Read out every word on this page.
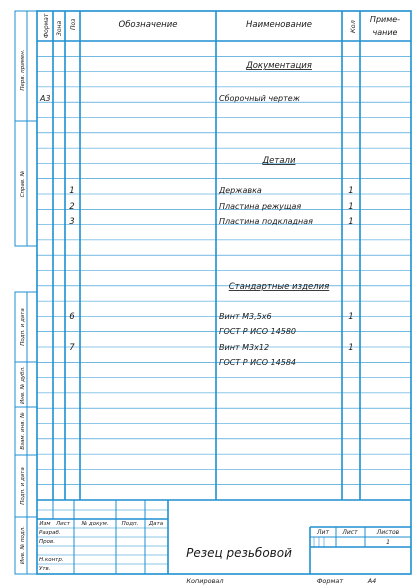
Формат Зона Поз	Обозначение	Наименование	Кол
Приме-
чание
Документация
Детали
Стандартные изделия
А3	Сборочный чертеж
1	Державка	1
2	Пластина режущая	1
3	Пластина подкладная	1
6	Винт М3,5х6	1
ГОСТ Р ИСО 14580
7	Винт М3х12	1
ГОСТ Р ИСО 14584
Перв. примен.
Справ. №
Подп. и дата
Инв. № дубл.
Взам. инв. №
Подп. и дата
Инв. № подл.
Изм Лист № докум. Подп. Дата
Разраб.
Пров.
Н.контр.
Утв.
Резец резьбовой
Лит Лист	Листов
1
Копировал	Формат	А4
